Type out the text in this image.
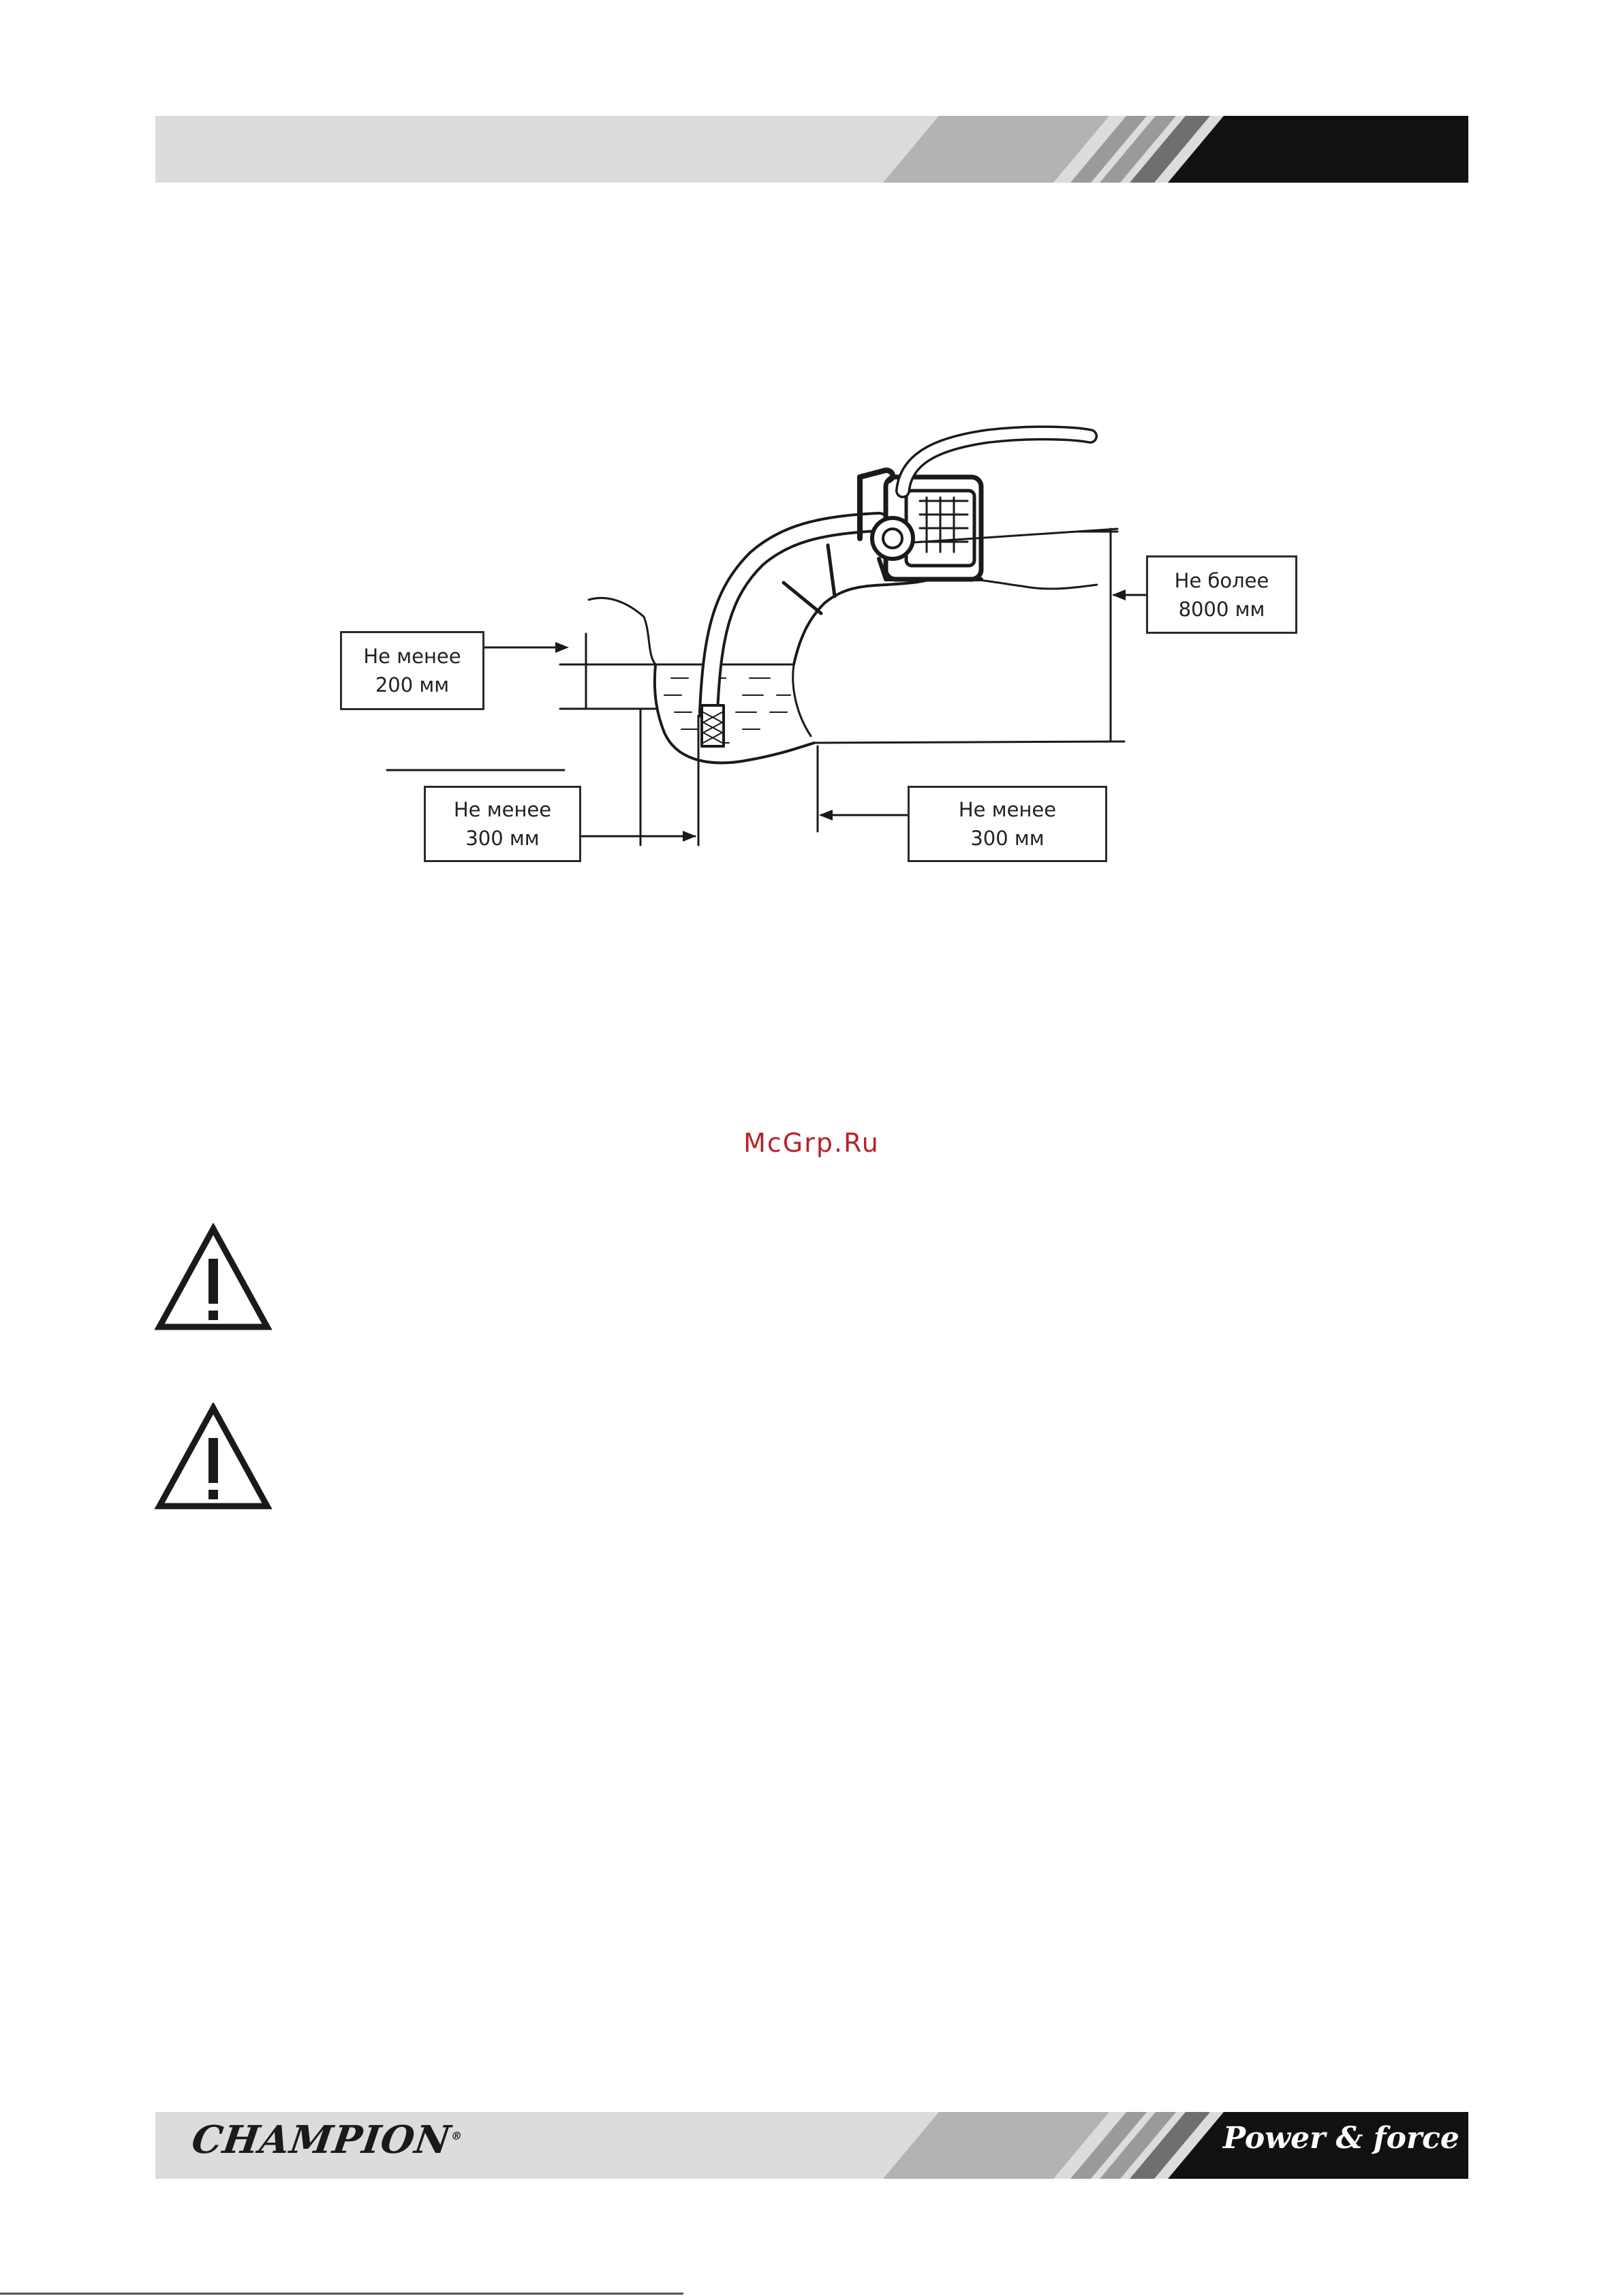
Не менее
200 мм
Не менее
300 мм
Не менее
300 мм
Не более
8000 мм
McGrp.Ru
CHAMPION®	Power & force
